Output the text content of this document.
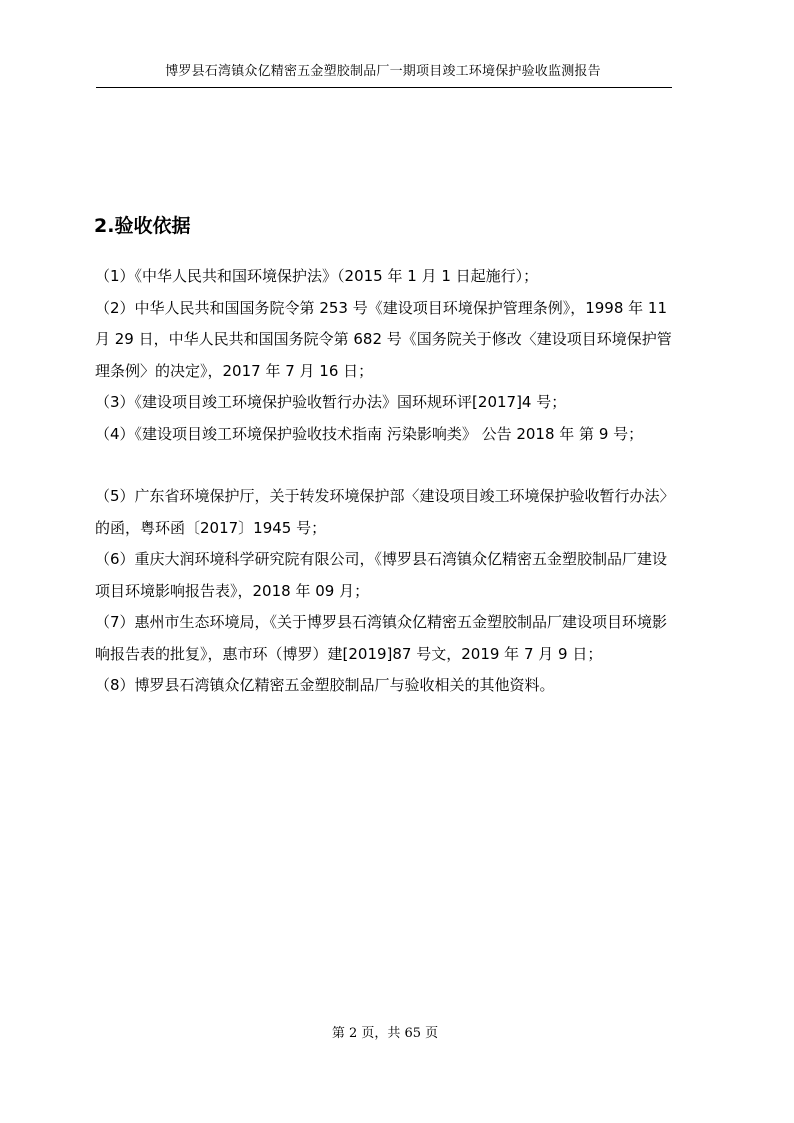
博罗县石湾镇众亿精密五金塑胶制品厂一期项目竣工环境保护验收监测报告
2.验收依据

（1）《中华人民共和国环境保护法》（2015 年 1 月 1 日起施行）；

（2）中华人民共和国国务院令第 253 号《建设项目环境保护管理条例》，1998 年 11 月 29 日，中华人民共和国国务院令第 682 号《国务院关于修改〈建设项目环境保护管理条例〉的决定》，2017 年 7 月 16 日；

（3）《建设项目竣工环境保护验收暂行办法》国环规环评[2017]4 号；

（4）《建设项目竣工环境保护验收技术指南 污染影响类》 公告 2018 年 第 9 号；

（5）广东省环境保护厅，关于转发环境保护部〈建设项目竣工环境保护验收暂行办法〉的函，粤环函〔2017〕1945 号；

（6）重庆大润环境科学研究院有限公司，《博罗县石湾镇众亿精密五金塑胶制品厂建设项目环境影响报告表》，2018 年 09 月；

（7）惠州市生态环境局，《关于博罗县石湾镇众亿精密五金塑胶制品厂建设项目环境影响报告表的批复》，惠市环（博罗）建[2019]87 号文，2019 年 7 月 9 日；

（8）博罗县石湾镇众亿精密五金塑胶制品厂与验收相关的其他资料。

第 2 页，共 65 页
